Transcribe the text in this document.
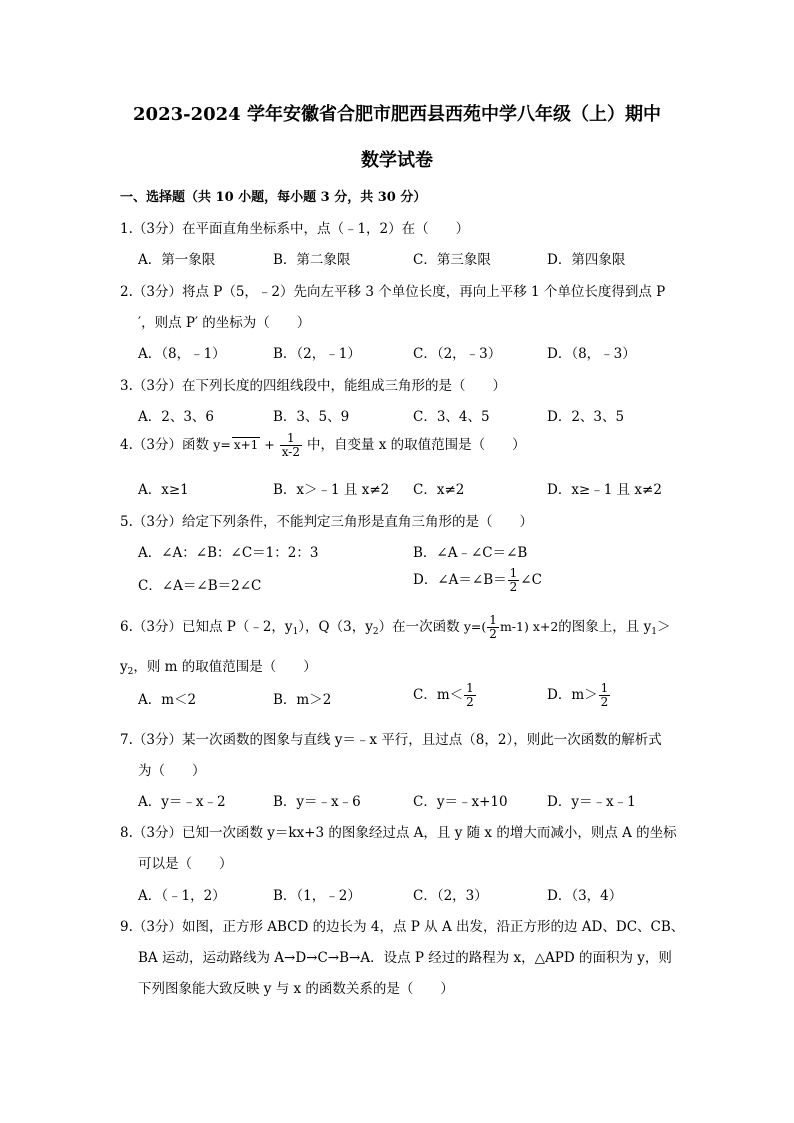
2023-2024 学年安徽省合肥市肥西县西苑中学八年级（上）期中
数学试卷
一、选择题（共 10 小题，每小题 3 分，共 30 分）
1.（3分）在平面直角坐标系中，点（﹣1，2）在（　　）
A．第一象限	B．第二象限	C．第三象限	D．第四象限
2.（3分）将点 P（5，﹣2）先向左平移 3 个单位长度，再向上平移 1 个单位长度得到点 P
′，则点 P′ 的坐标为（　　）
A．（8，﹣1）	B．（2，﹣1）	C．（2，﹣3）	D．（8，﹣3）
3.（3分）在下列长度的四组线段中，能组成三角形的是（　　）
A．2、3、6	B．3、5、9	C．3、4、5	D．2、3、5
4.（3分）函数 $y= x+1 + \frac{1}{x-2}$ 中，自变量 x 的取值范围是（　　）
A．x≥1	B．x＞﹣1 且 x≠2 C．x≠2	D．x≥﹣1 且 x≠2
5.（3分）给定下列条件，不能判定三角形是直角三角形的是（　　）
A．∠A：∠B：∠C＝1：2：3	B．∠A﹣∠C＝∠B
C．∠A＝∠B＝2∠C	D．∠A＝∠B＝ $\frac{1}{2}$ ∠C
6.（3分）已知点 P（﹣2，$y_1$），Q（3，$y_2$）在一次函数 $y=( \frac{1}{2} m-1)$ x+2的图象上，且 $y_1>$
$y_2$，则 m 的取值范围是（　　）
A．m＜2	B．m＞2	C．$m< \frac{1}{2}$	D．$m> \frac{1}{2}$
7.（3分）某一次函数的图象与直线 y＝﹣x 平行，且过点（8，2），则此一次函数的解析式
为（　　）
A．y＝﹣x﹣2	B．y＝﹣x﹣6	C．y＝﹣x+10	D．y＝﹣x﹣1
8.（3分）已知一次函数 y＝kx+3 的图象经过点 A，且 y 随 x 的增大而减小，则点 A 的坐标
可以是（　　）
A．（﹣1，2）	B．（1，﹣2）	C．（2，3）	D．（3，4）
9.（3分）如图，正方形 ABCD 的边长为 4，点 P 从 A 出发，沿正方形的边 AD、DC、CB、
BA 运动，运动路线为 A→D→C→B→A．设点 P 经过的路程为 x，△APD 的面积为 y，则
下列图象能大致反映 y 与 x 的函数关系的是（　　）
